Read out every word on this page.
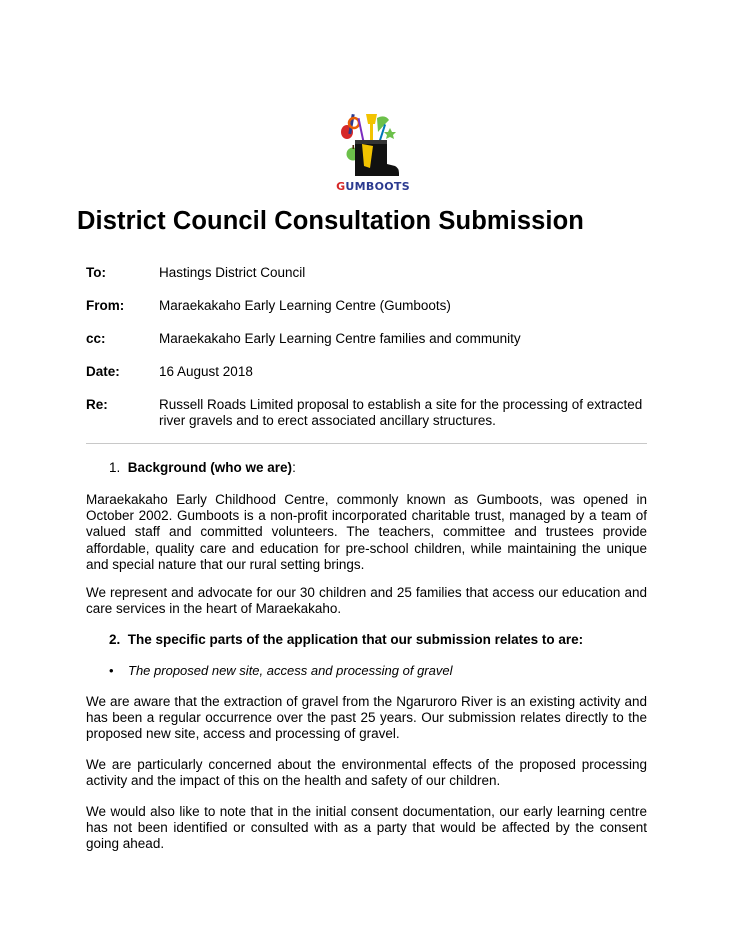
GUMBOOTS
District Council Consultation Submission
To:	Hastings District Council
From:	Maraekakaho Early Learning Centre (Gumboots)
cc:	Maraekakaho Early Learning Centre families and community
Date:	16 August 2018
Re:	Russell Roads Limited proposal to establish a site for the processing of extracted river gravels and to erect associated ancillary structures.
1. Background (who we are):

Maraekakaho Early Childhood Centre, commonly known as Gumboots, was opened in October 2002. Gumboots is a non-profit incorporated charitable trust, managed by a team of valued staff and committed volunteers. The teachers, committee and trustees provide affordable, quality care and education for pre-school children, while maintaining the unique and special nature that our rural setting brings.

We represent and advocate for our 30 children and 25 families that access our education and care services in the heart of Maraekakaho.

2. The specific parts of the application that our submission relates to are:
• The proposed new site, access and processing of gravel

We are aware that the extraction of gravel from the Ngaruroro River is an existing activity and has been a regular occurrence over the past 25 years. Our submission relates directly to the proposed new site, access and processing of gravel.

We are particularly concerned about the environmental effects of the proposed processing activity and the impact of this on the health and safety of our children.

We would also like to note that in the initial consent documentation, our early learning centre has not been identified or consulted with as a party that would be affected by the consent going ahead.
